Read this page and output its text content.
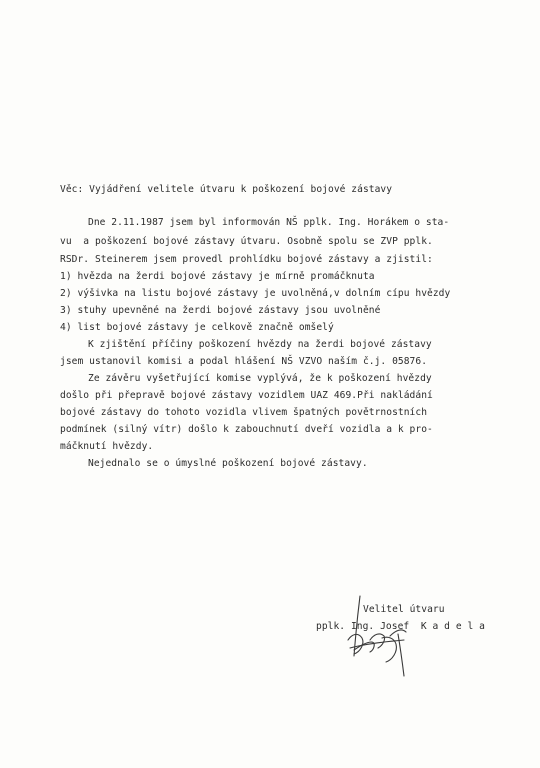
Věc: Vyjádření velitele útvaru k poškození bojové zástavy

Dne 2.11.1987 jsem byl informován NŠ pplk. Ing. Horákem o sta-

vu  a poškození bojové zástavy útvaru. Osobně spolu se ZVP pplk.

RSDr. Steinerem jsem provedl prohlídku bojové zástavy a zjistil:

1) hvězda na žerdi bojové zástavy je mírně promáčknuta

2) výšivka na listu bojové zástavy je uvolněná,v dolním cípu hvězdy

3) stuhy upevněné na žerdi bojové zástavy jsou uvolněné

4) list bojové zástavy je celkově značně omšelý

K zjištění příčiny poškození hvězdy na žerdi bojové zástavy

jsem ustanovil komisi a podal hlášení NŠ VZVO naším č.j. 05876.

Ze závěru vyšetřující komise vyplývá, že k poškození hvězdy

došlo při přepravě bojové zástavy vozidlem UAZ 469.Při nakládání

bojové zástavy do tohoto vozidla vlivem špatných povětrnostních

podmínek (silný vítr) došlo k zabouchnutí dveří vozidla a k pro-

máčknutí hvězdy.

Nejednalo se o úmyslné poškození bojové zástavy.

Velitel útvaru

pplk. Ing. Josef  K a d e l a
